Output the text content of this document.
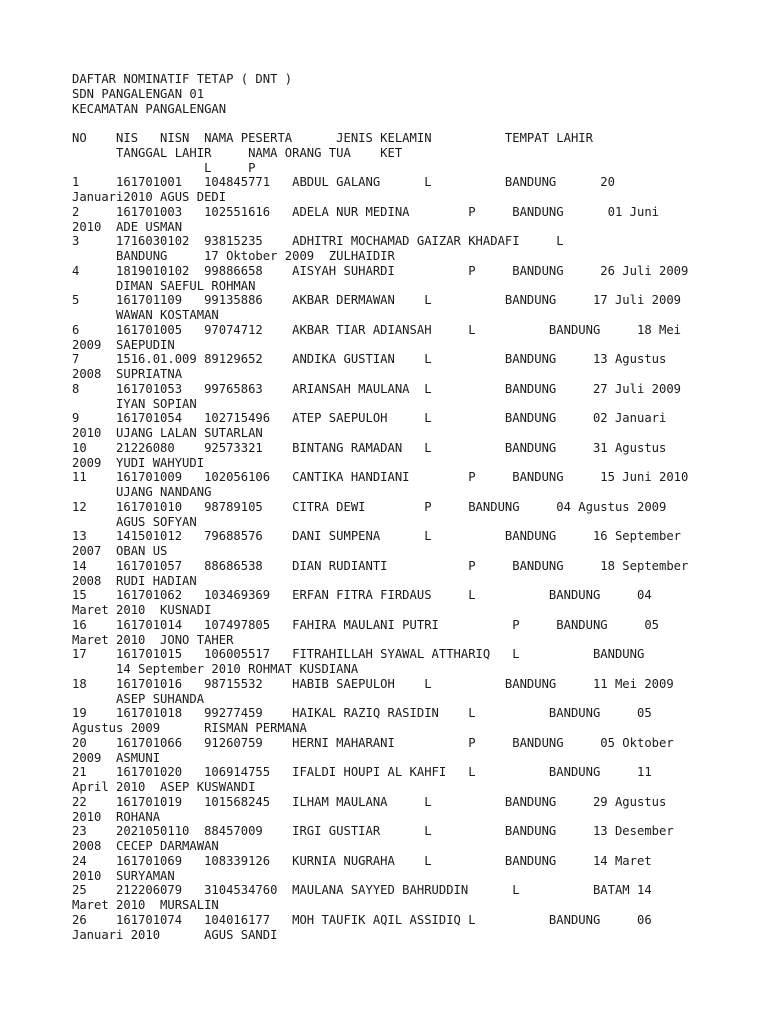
DAFTAR NOMINATIF TETAP ( DNT )
SDN PANGALENGAN 01
KECAMATAN PANGALENGAN
NO    NIS   NISN  NAMA PESERTA      JENIS KELAMIN          TEMPAT LAHIR
TANGGAL LAHIR     NAMA ORANG TUA    KET
L     P
1     161701001   104845771   ABDUL GALANG      L          BANDUNG      20
Januari2010 AGUS DEDI
2     161701003   102551616   ADELA NUR MEDINA        P     BANDUNG      01 Juni
2010  ADE USMAN
3     1716030102  93815235    ADHITRI MOCHAMAD GAIZAR KHADAFI     L
BANDUNG     17 Oktober 2009  ZULHAIDIR
4     1819010102  99886658    AISYAH SUHARDI          P     BANDUNG     26 Juli 2009
DIMAN SAEFUL ROHMAN
5     161701109   99135886    AKBAR DERMAWAN    L          BANDUNG     17 Juli 2009
WAWAN KOSTAMAN
6     161701005   97074712    AKBAR TIAR ADIANSAH     L          BANDUNG     18 Mei
2009  SAEPUDIN
7     1516.01.009 89129652    ANDIKA GUSTIAN    L          BANDUNG     13 Agustus
2008  SUPRIATNA
8     161701053   99765863    ARIANSAH MAULANA  L          BANDUNG     27 Juli 2009
IYAN SOPIAN
9     161701054   102715496   ATEP SAEPULOH     L          BANDUNG     02 Januari
2010  UJANG LALAN SUTARLAN
10    21226080    92573321    BINTANG RAMADAN   L          BANDUNG     31 Agustus
2009  YUDI WAHYUDI
11    161701009   102056106   CANTIKA HANDIANI        P     BANDUNG     15 Juni 2010
UJANG NANDANG
12    161701010   98789105    CITRA DEWI        P     BANDUNG     04 Agustus 2009
AGUS SOFYAN
13    141501012   79688576    DANI SUMPENA      L          BANDUNG     16 September
2007  OBAN US
14    161701057   88686538    DIAN RUDIANTI           P     BANDUNG     18 September
2008  RUDI HADIAN
15    161701062   103469369   ERFAN FITRA FIRDAUS     L          BANDUNG     04
Maret 2010  KUSNADI
16    161701014   107497805   FAHIRA MAULANI PUTRI          P     BANDUNG     05
Maret 2010  JONO TAHER
17    161701015   106005517   FITRAHILLAH SYAWAL ATTHARIQ   L          BANDUNG
14 September 2010 ROHMAT KUSDIANA
18    161701016   98715532    HABIB SAEPULOH    L          BANDUNG     11 Mei 2009
ASEP SUHANDA
19    161701018   99277459    HAIKAL RAZIQ RASIDIN    L          BANDUNG     05
Agustus 2009      RISMAN PERMANA
20    161701066   91260759    HERNI MAHARANI          P     BANDUNG     05 Oktober
2009  ASMUNI
21    161701020   106914755   IFALDI HOUPI AL KAHFI   L          BANDUNG     11
April 2010  ASEP KUSWANDI
22    161701019   101568245   ILHAM MAULANA     L          BANDUNG     29 Agustus
2010  ROHANA
23    2021050110  88457009    IRGI GUSTIAR      L          BANDUNG     13 Desember
2008  CECEP DARMAWAN
24    161701069   108339126   KURNIA NUGRAHA    L          BANDUNG     14 Maret
2010  SURYAMAN
25    212206079   3104534760  MAULANA SAYYED BAHRUDDIN      L          BATAM 14
Maret 2010  MURSALIN
26    161701074   104016177   MOH TAUFIK AQIL ASSIDIQ L          BANDUNG     06
Januari 2010      AGUS SANDI
